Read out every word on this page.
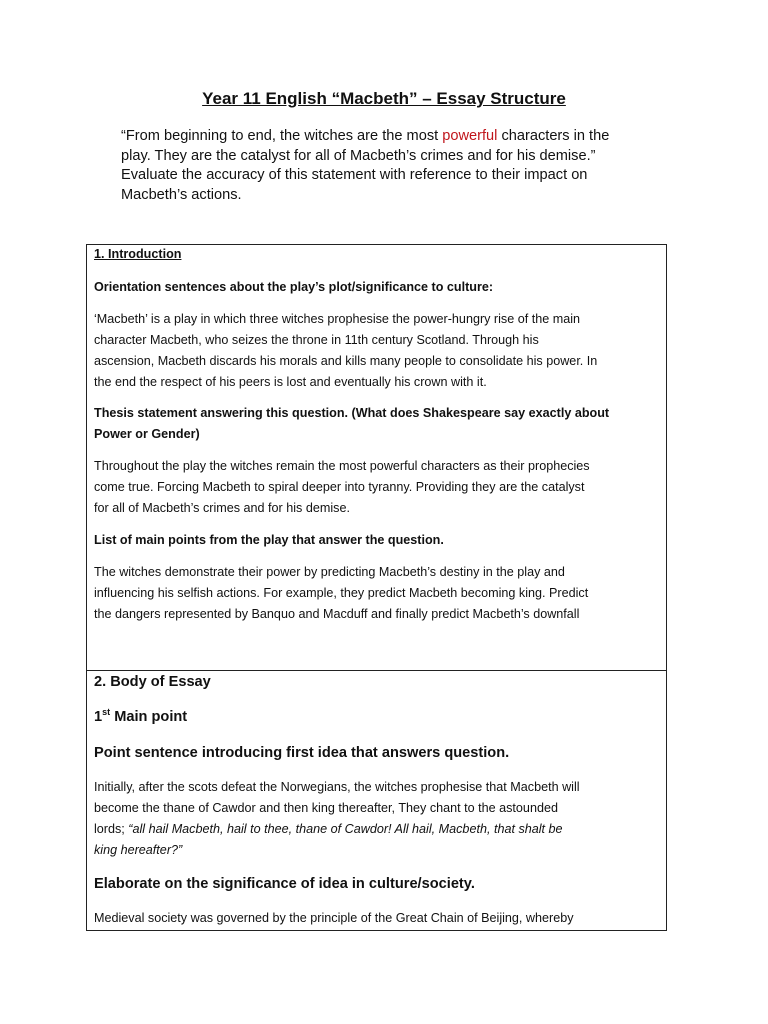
Year 11 English “Macbeth” – Essay Structure
“From beginning to end, the witches are the most powerful characters in the
play. They are the catalyst for all of Macbeth’s crimes and for his demise.”
Evaluate the accuracy of this statement with reference to their impact on
Macbeth’s actions.
1. Introduction
Orientation sentences about the play’s plot/significance to culture:
‘Macbeth’ is a play in which three witches prophesise the power-hungry rise of the main
character Macbeth, who seizes the throne in 11th century Scotland. Through his
ascension, Macbeth discards his morals and kills many people to consolidate his power. In
the end the respect of his peers is lost and eventually his crown with it.
Thesis statement answering this question. (What does Shakespeare say exactly about
Power or Gender)
Throughout the play the witches remain the most powerful characters as their prophecies
come true. Forcing Macbeth to spiral deeper into tyranny. Providing they are the catalyst
for all of Macbeth’s crimes and for his demise.
List of main points from the play that answer the question.
The witches demonstrate their power by predicting Macbeth’s destiny in the play and
influencing his selfish actions. For example, they predict Macbeth becoming king. Predict
the dangers represented by Banquo and Macduff and finally predict Macbeth’s downfall
2. Body of Essay
1st Main point
Point sentence introducing first idea that answers question.
Initially, after the scots defeat the Norwegians, the witches prophesise that Macbeth will
become the thane of Cawdor and then king thereafter, They chant to the astounded
lords; “all hail Macbeth, hail to thee, thane of Cawdor! All hail, Macbeth, that shalt be
king hereafter?”
Elaborate on the significance of idea in culture/society.
Medieval society was governed by the principle of the Great Chain of Beijing, whereby
